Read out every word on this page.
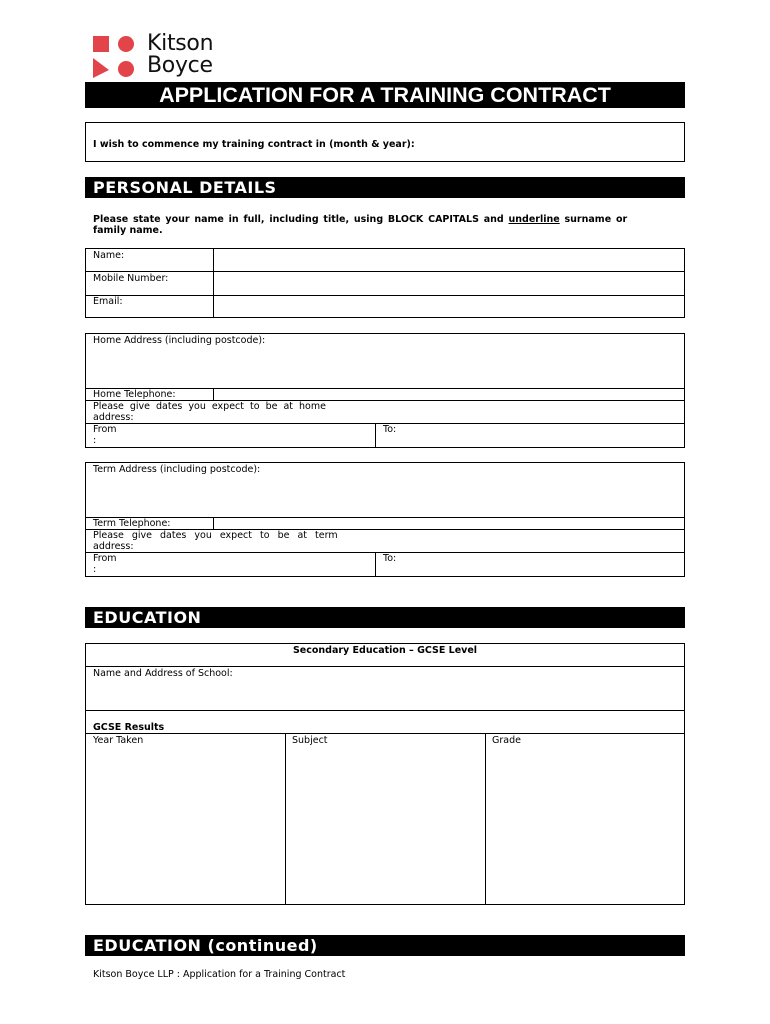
Kitson
Boyce
APPLICATION FOR A TRAINING CONTRACT
I wish to commence my training contract in (month & year):
PERSONAL DETAILS
Please state your name in full, including title, using BLOCK CAPITALS and underline surname or
family name.
Name:
Mobile Number:
Email:
Home Address (including postcode):
Home Telephone:
Please give dates you expect to be at home
address:
From
:
To:
Term Address (including postcode):
Term Telephone:
Please give dates you expect to be at term
address:
From
:
To:
EDUCATION
Secondary Education – GCSE Level
Name and Address of School:
GCSE Results
Year Taken	Subject	Grade
EDUCATION (continued)
Kitson Boyce LLP : Application for a Training Contract
